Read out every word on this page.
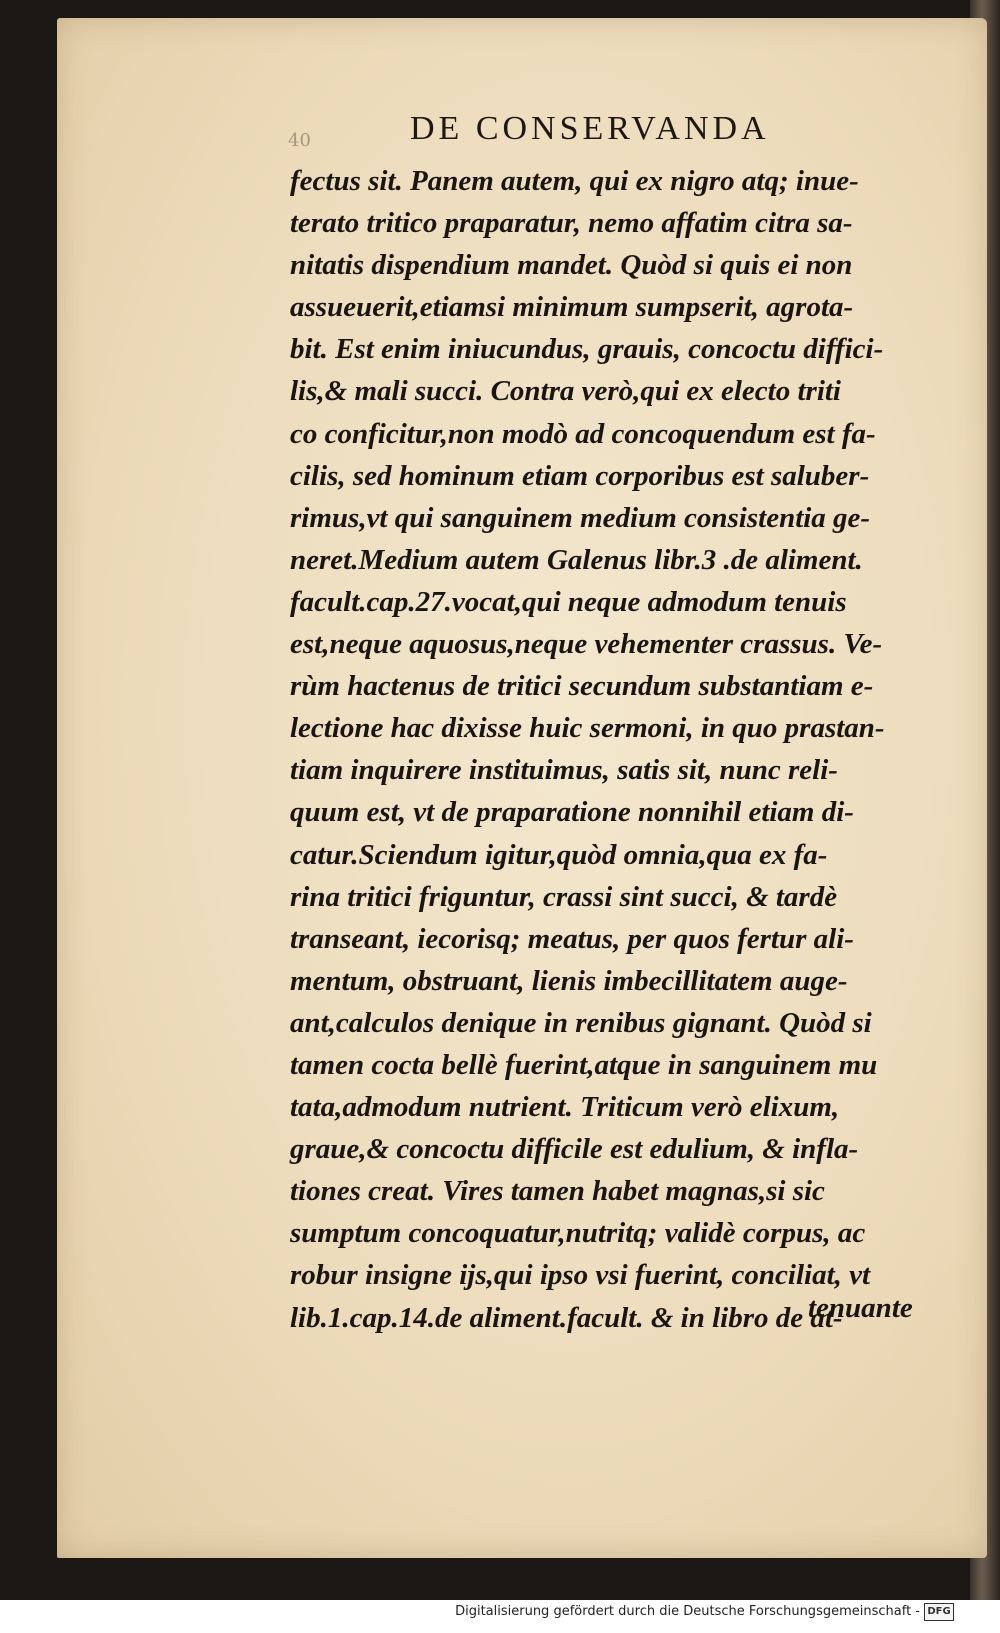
40	DE CONSERVANDA
fectus sit. Panem autem, qui ex nigro atq; inue-
terato tritico praparatur, nemo affatim citra sa-
nitatis dispendium mandet. Quòd si quis ei non
assueuerit,etiamsi minimum sumpserit, agrota-
bit. Est enim iniucundus, grauis, concoctu diffici-
lis,& mali succi. Contra verò,qui ex electo triti
co conficitur,non modò ad concoquendum est fa-
cilis, sed hominum etiam corporibus est saluber-
rimus,vt qui sanguinem medium consistentia ge-
neret.Medium autem Galenus libr.3 .de aliment.
facult.cap.27.vocat,qui neque admodum tenuis
est,neque aquosus,neque vehementer crassus. Ve-
rùm hactenus de tritici secundum substantiam e-
lectione hac dixisse huic sermoni, in quo prastan-
tiam inquirere instituimus, satis sit, nunc reli-
quum est, vt de praparatione nonnihil etiam di-
catur.Sciendum igitur,quòd omnia,qua ex fa-
rina tritici friguntur, crassi sint succi, & tardè
transeant, iecorisq; meatus, per quos fertur ali-
mentum, obstruant, lienis imbecillitatem auge-
ant,calculos denique in renibus gignant. Quòd si
tamen cocta bellè fuerint,atque in sanguinem mu
tata,admodum nutrient. Triticum verò elixum,
graue,& concoctu difficile est edulium, & infla-
tiones creat. Vires tamen habet magnas,si sic
sumptum concoquatur,nutritq; validè corpus, ac
robur insigne ijs,qui ipso vsi fuerint, conciliat, vt
lib.1.cap.14.de aliment.facult. & in libro de at-
tenuante
Digitalisierung gefördert durch die Deutsche Forschungsgemeinschaft - DFG
